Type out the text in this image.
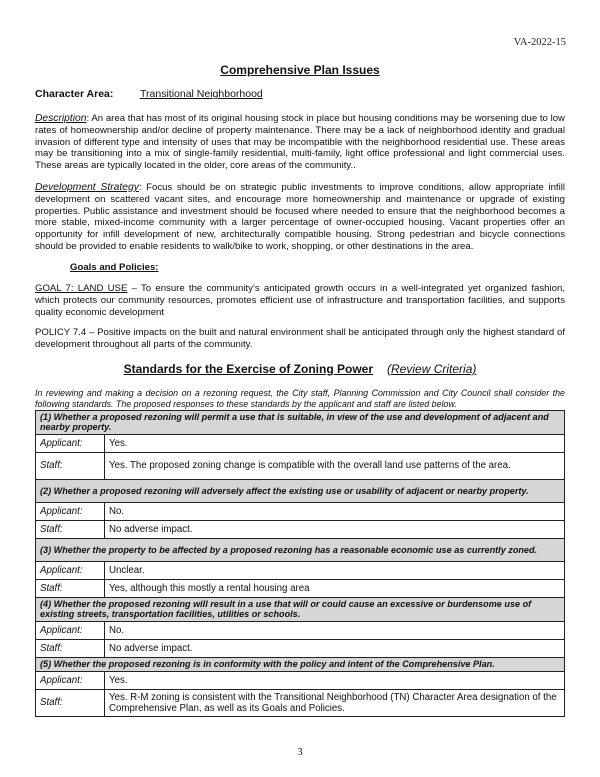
VA-2022-15
Comprehensive Plan Issues
Character Area:	Transitional Neighborhood
Description: An area that has most of its original housing stock in place but housing conditions may be worsening due to low rates of homeownership and/or decline of property maintenance. There may be a lack of neighborhood identity and gradual invasion of different type and intensity of uses that may be incompatible with the neighborhood residential use. These areas may be transitioning into a mix of single-family residential, multi-family, light office professional and light commercial uses. These areas are typically located in the older, core areas of the community..
Development Strategy: Focus should be on strategic public investments to improve conditions, allow appropriate infill development on scattered vacant sites, and encourage more homeownership and maintenance or upgrade of existing properties. Public assistance and investment should be focused where needed to ensure that the neighborhood becomes a more stable, mixed-income community with a larger percentage of owner-occupied housing. Vacant properties offer an opportunity for infill development of new, architecturally compatible housing. Strong pedestrian and bicycle connections should be provided to enable residents to walk/bike to work, shopping, or other destinations in the area.
Goals and Policies:
GOAL 7: LAND USE – To ensure the community’s anticipated growth occurs in a well-integrated yet organized fashion, which protects our community resources, promotes efficient use of infrastructure and transportation facilities, and supports quality economic development
POLICY 7.4 – Positive impacts on the built and natural environment shall be anticipated through only the highest standard of development throughout all parts of the community.
Standards for the Exercise of Zoning Power (Review Criteria)
In reviewing and making a decision on a rezoning request, the City staff, Planning Commission and City Council shall consider the following standards. The proposed responses to these standards by the applicant and staff are listed below.
(1) Whether a proposed rezoning will permit a use that is suitable, in view of the use and development of adjacent and nearby property.	
Applicant:	Yes.
Staff:	Yes. The proposed zoning change is compatible with the overall land use patterns of the area.
(2) Whether a proposed rezoning will adversely affect the existing use or usability of adjacent or nearby property.	
Applicant:	No.
Staff:	No adverse impact.
(3) Whether the property to be affected by a proposed rezoning has a reasonable economic use as currently zoned.	
Applicant:	Unclear.
Staff:	Yes, although this mostly a rental housing area
(4) Whether the proposed rezoning will result in a use that will or could cause an excessive or burdensome use of existing streets, transportation facilities, utilities or schools.	
Applicant:	No.
Staff:	No adverse impact.
(5) Whether the proposed rezoning is in conformity with the policy and intent of the Comprehensive Plan.	
Applicant:	Yes.
Staff:	Yes. R-M zoning is consistent with the Transitional Neighborhood (TN) Character Area designation of the Comprehensive Plan, as well as its Goals and Policies.
3
